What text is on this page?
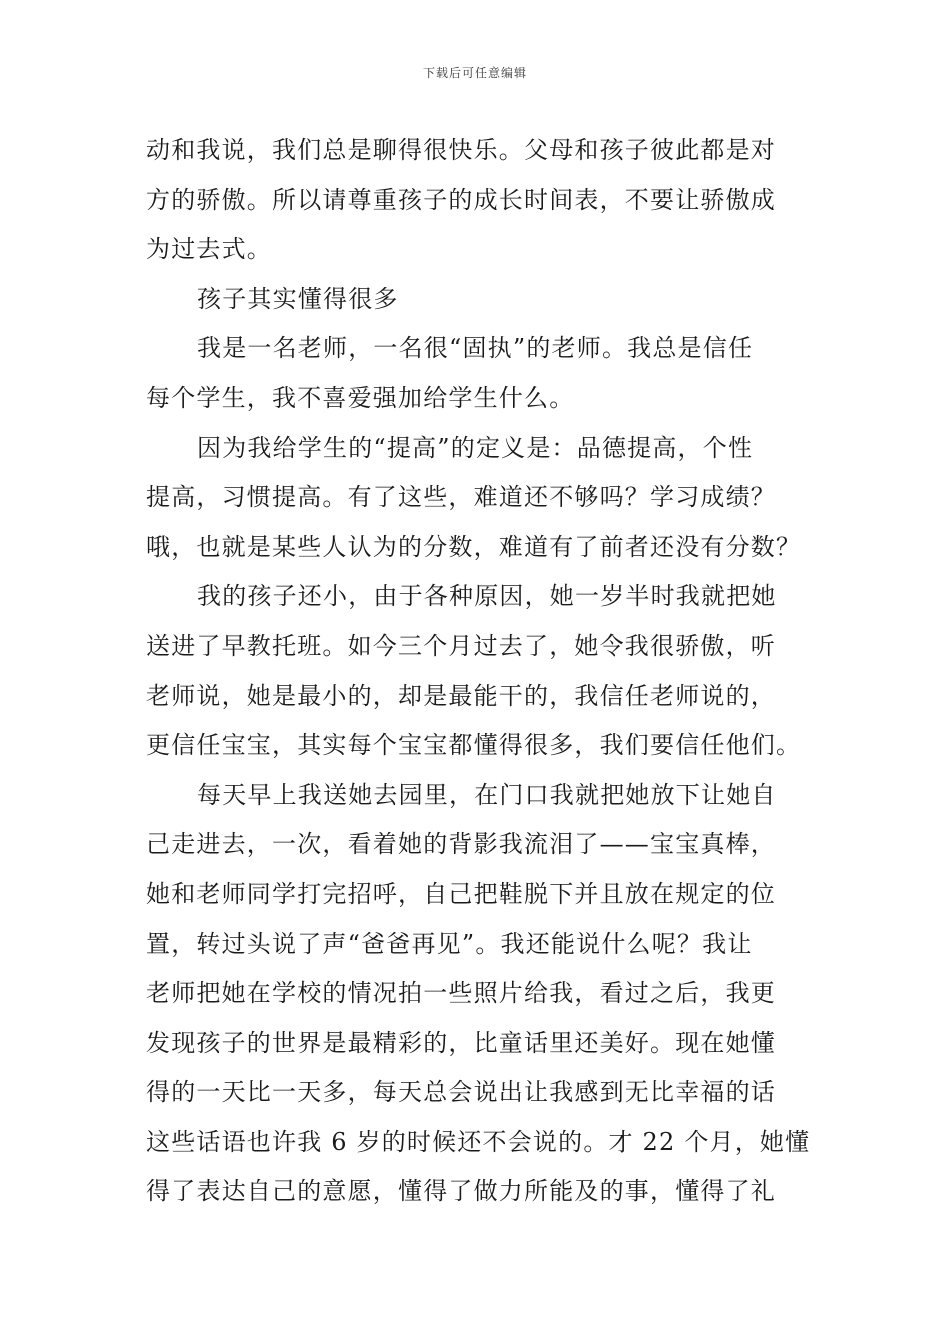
下载后可任意编辑
动和我说，我们总是聊得很快乐。父母和孩子彼此都是对
方的骄傲。所以请尊重孩子的成长时间表，不要让骄傲成
为过去式。
孩子其实懂得很多
我是一名老师，一名很“固执”的老师。我总是信任
每个学生，我不喜爱强加给学生什么。
因为我给学生的“提高”的定义是：品德提高，个性
提高，习惯提高。有了这些，难道还不够吗？学习成绩？
哦，也就是某些人认为的分数，难道有了前者还没有分数？
我的孩子还小，由于各种原因，她一岁半时我就把她
送进了早教托班。如今三个月过去了，她令我很骄傲，听
老师说，她是最小的，却是最能干的，我信任老师说的，
更信任宝宝，其实每个宝宝都懂得很多，我们要信任他们。
每天早上我送她去园里，在门口我就把她放下让她自
己走进去，一次，看着她的背影我流泪了——宝宝真棒，
她和老师同学打完招呼，自己把鞋脱下并且放在规定的位
置，转过头说了声“爸爸再见”。我还能说什么呢？我让
老师把她在学校的情况拍一些照片给我，看过之后，我更
发现孩子的世界是最精彩的，比童话里还美好。现在她懂
得的一天比一天多，每天总会说出让我感到无比幸福的话
这些话语也许我 6 岁的时候还不会说的。才 22 个月，她懂
得了表达自己的意愿，懂得了做力所能及的事，懂得了礼
